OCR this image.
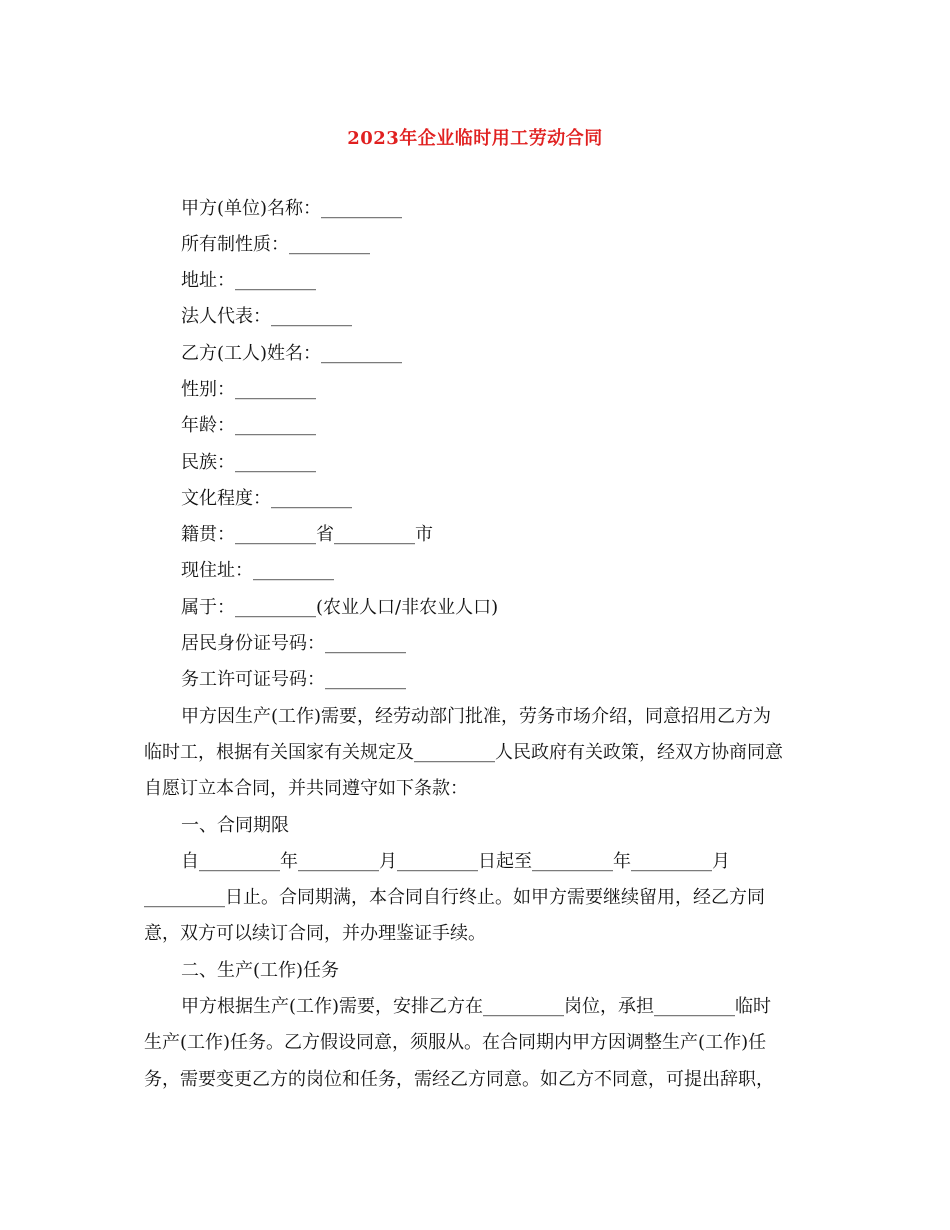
2023年企业临时用工劳动合同
甲方(单位)名称：_________
所有制性质：_________
地址：_________
法人代表：_________
乙方(工人)姓名：_________
性别：_________
年龄：_________
民族：_________
文化程度：_________
籍贯：_________省_________市
现住址：_________
属于：_________(农业人口/非农业人口)
居民身份证号码：_________
务工许可证号码：_________
甲方因生产(工作)需要，经劳动部门批准，劳务市场介绍，同意招用乙方为
临时工，根据有关国家有关规定及_________人民政府有关政策，经双方协商同意
自愿订立本合同，并共同遵守如下条款：
一、合同期限
自_________年_________月_________日起至_________年_________月
_________日止。合同期满，本合同自行终止。如甲方需要继续留用，经乙方同
意，双方可以续订合同，并办理鉴证手续。
二、生产(工作)任务
甲方根据生产(工作)需要，安排乙方在_________岗位，承担_________临时
生产(工作)任务。乙方假设同意，须服从。在合同期内甲方因调整生产(工作)任
务，需要变更乙方的岗位和任务，需经乙方同意。如乙方不同意，可提出辞职，
